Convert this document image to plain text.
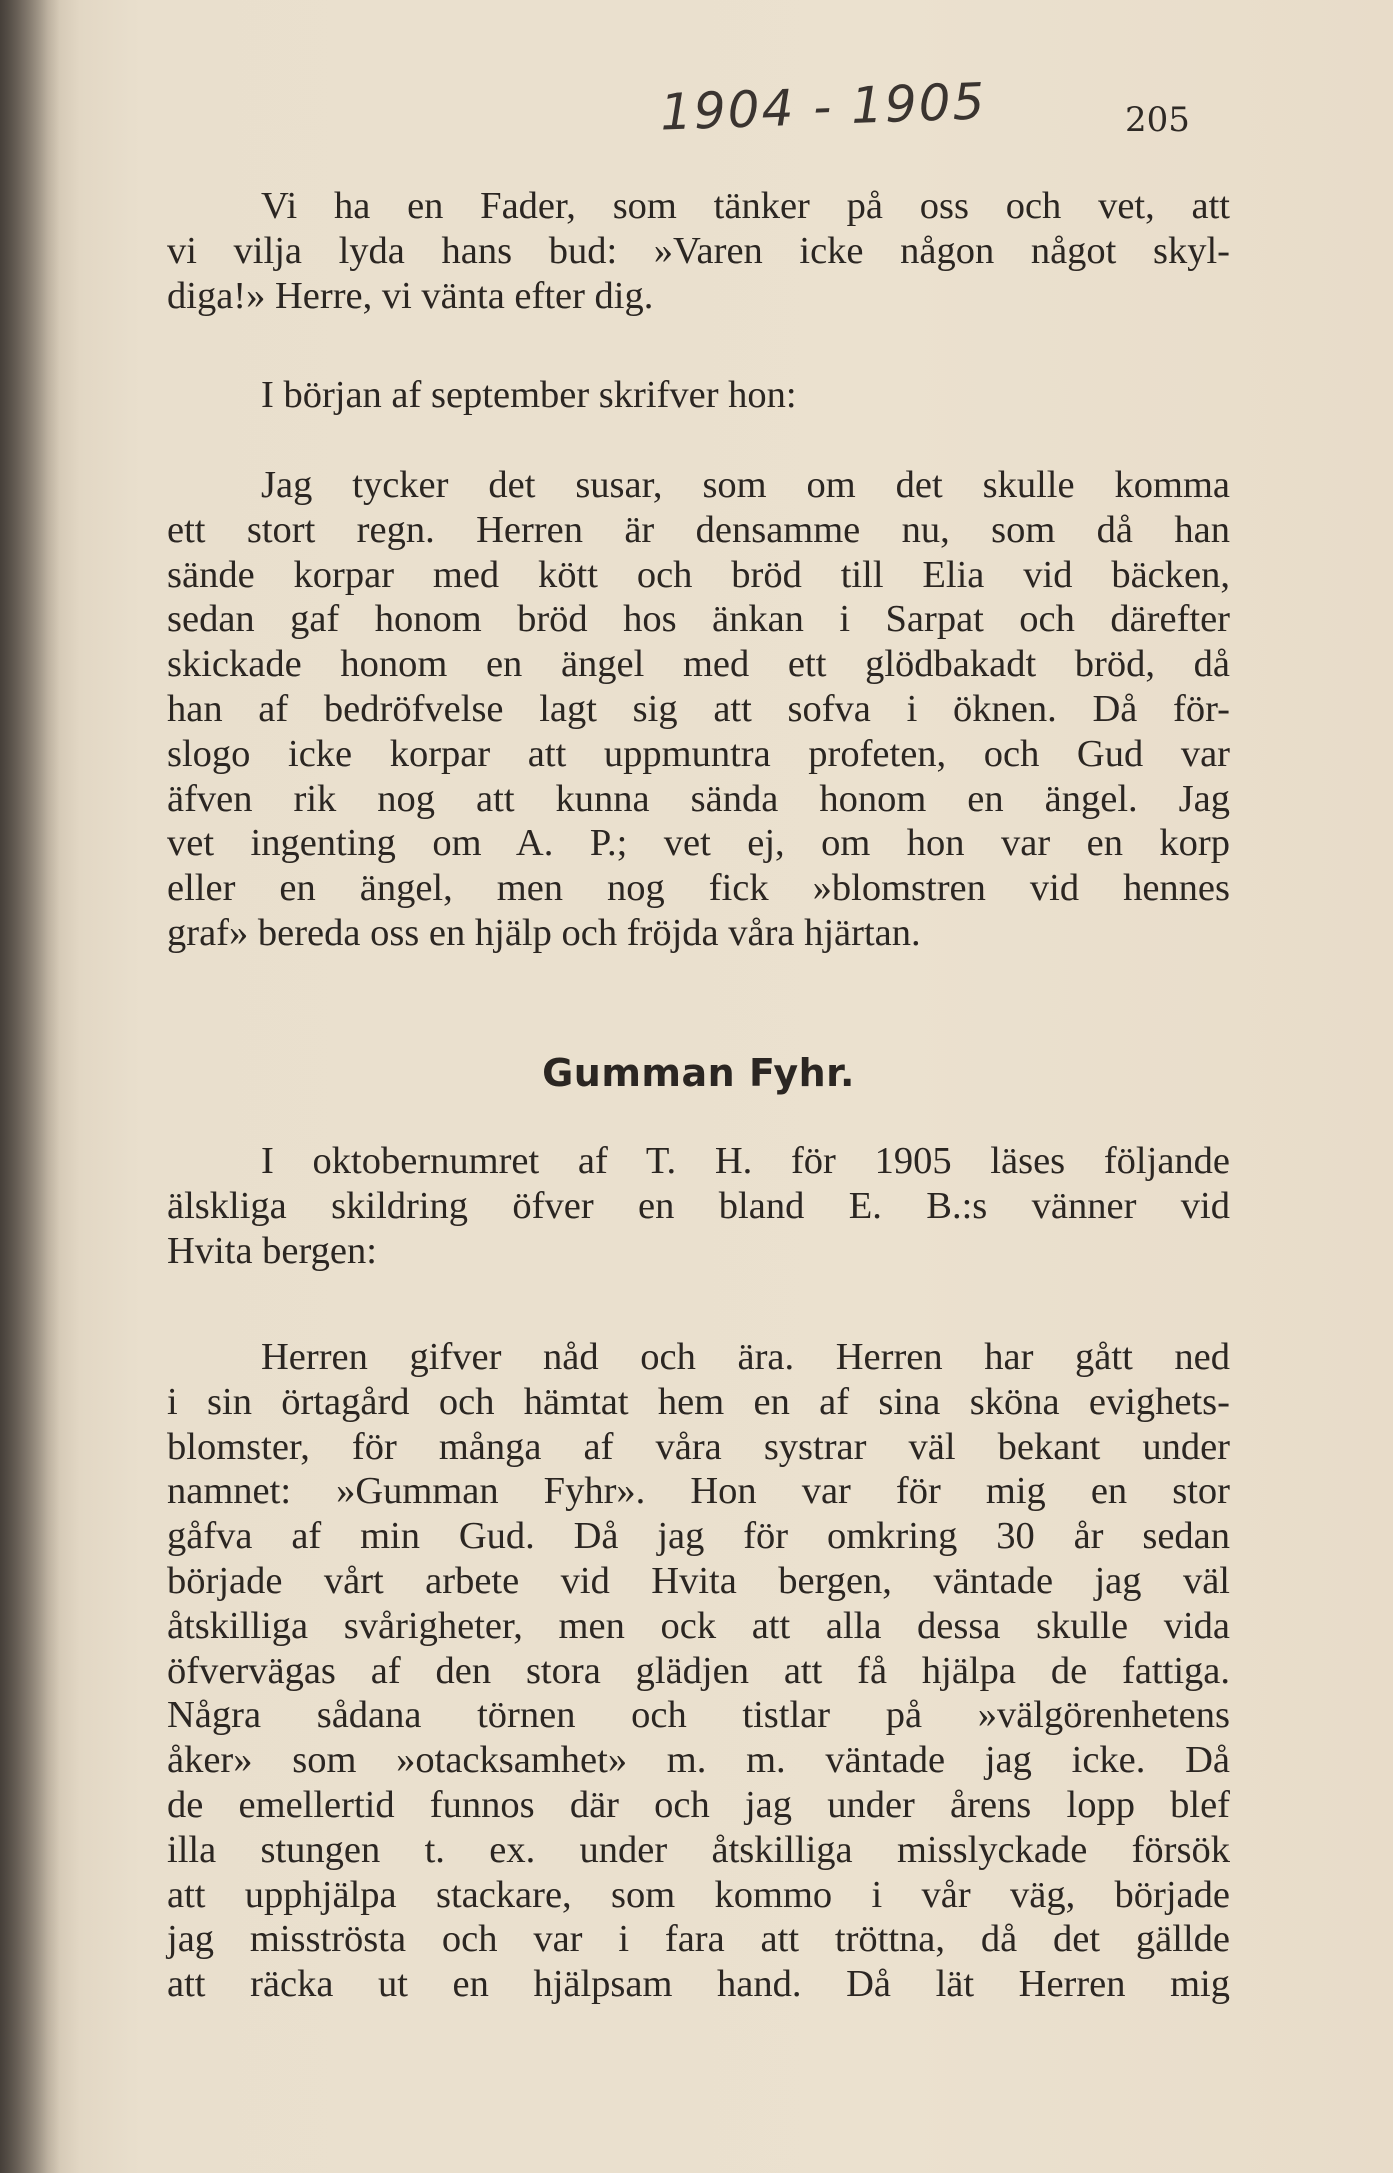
1904 - 1905	205
Vi ha en Fader, som tänker på oss och vet, att
vi vilja lyda hans bud: »Varen icke någon något skyl-
diga!» Herre, vi vänta efter dig.
I början af september skrifver hon:
Jag tycker det susar, som om det skulle komma
ett stort regn. Herren är densamme nu, som då han
sände korpar med kött och bröd till Elia vid bäcken,
sedan gaf honom bröd hos änkan i Sarpat och därefter
skickade honom en ängel med ett glödbakadt bröd, då
han af bedröfvelse lagt sig att sofva i öknen. Då för-
slogo icke korpar att uppmuntra profeten, och Gud var
äfven rik nog att kunna sända honom en ängel. Jag
vet ingenting om A. P.; vet ej, om hon var en korp
eller en ängel, men nog fick »blomstren vid hennes
graf» bereda oss en hjälp och fröjda våra hjärtan.
Gumman Fyhr.
I oktobernumret af T. H. för 1905 läses följande
älskliga skildring öfver en bland E. B.:s vänner vid
Hvita bergen:
Herren gifver nåd och ära. Herren har gått ned
i sin örtagård och hämtat hem en af sina sköna evighets-
blomster, för många af våra systrar väl bekant under
namnet: »Gumman Fyhr». Hon var för mig en stor
gåfva af min Gud. Då jag för omkring 30 år sedan
började vårt arbete vid Hvita bergen, väntade jag väl
åtskilliga svårigheter, men ock att alla dessa skulle vida
öfvervägas af den stora glädjen att få hjälpa de fattiga.
Några sådana törnen och tistlar på »välgörenhetens
åker» som »otacksamhet» m. m. väntade jag icke. Då
de emellertid funnos där och jag under årens lopp blef
illa stungen t. ex. under åtskilliga misslyckade försök
att upphjälpa stackare, som kommo i vår väg, började
jag misströsta och var i fara att tröttna, då det gällde
att räcka ut en hjälpsam hand. Då lät Herren mig
